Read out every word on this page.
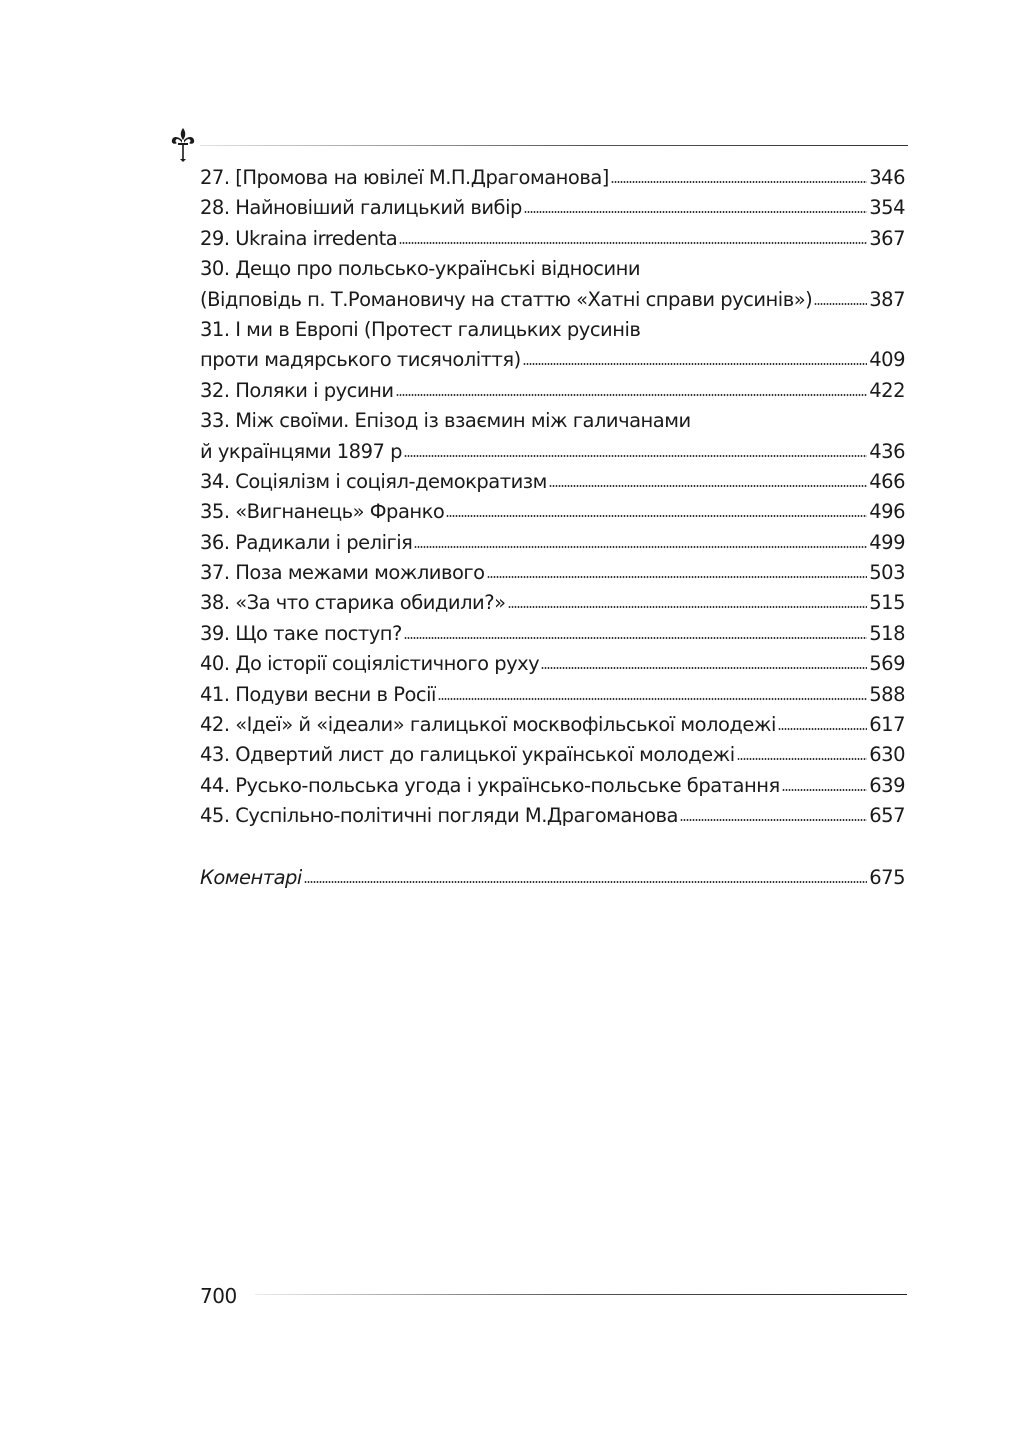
27. [Промова на ювілеї М.П.Драгоманова]	346
28. Найновіший галицький вибір	354
29. Ukraina irredenta	367
30. Дещо про польсько-українські відносини
(Відповідь п. Т.Романовичу на статтю «Хатні справи русинів»)	387
31. І ми в Европі (Протест галицьких русинів
проти мадярського тисячоліття)	409
32. Поляки і русини	422
33. Між своїми. Епізод із взаємин між галичанами
й українцями 1897 р	436
34. Соціялізм і соціял-демократизм	466
35. «Вигнанець» Франко	496
36. Радикали і релігія	499
37. Поза межами можливого	503
38. «За что старика обидили?»	515
39. Що таке поступ?	518
40. До історії соціялістичного руху	569
41. Подуви весни в Росії	588
42. «Ідеї» й «ідеали» галицької москвофільської молодежі	617
43. Одвертий лист до галицької української молодежі	630
44. Русько-польська угода і українсько-польське братання	639
45. Суспільно-політичні погляди М.Драгоманова	657
Коментарі	675
700
